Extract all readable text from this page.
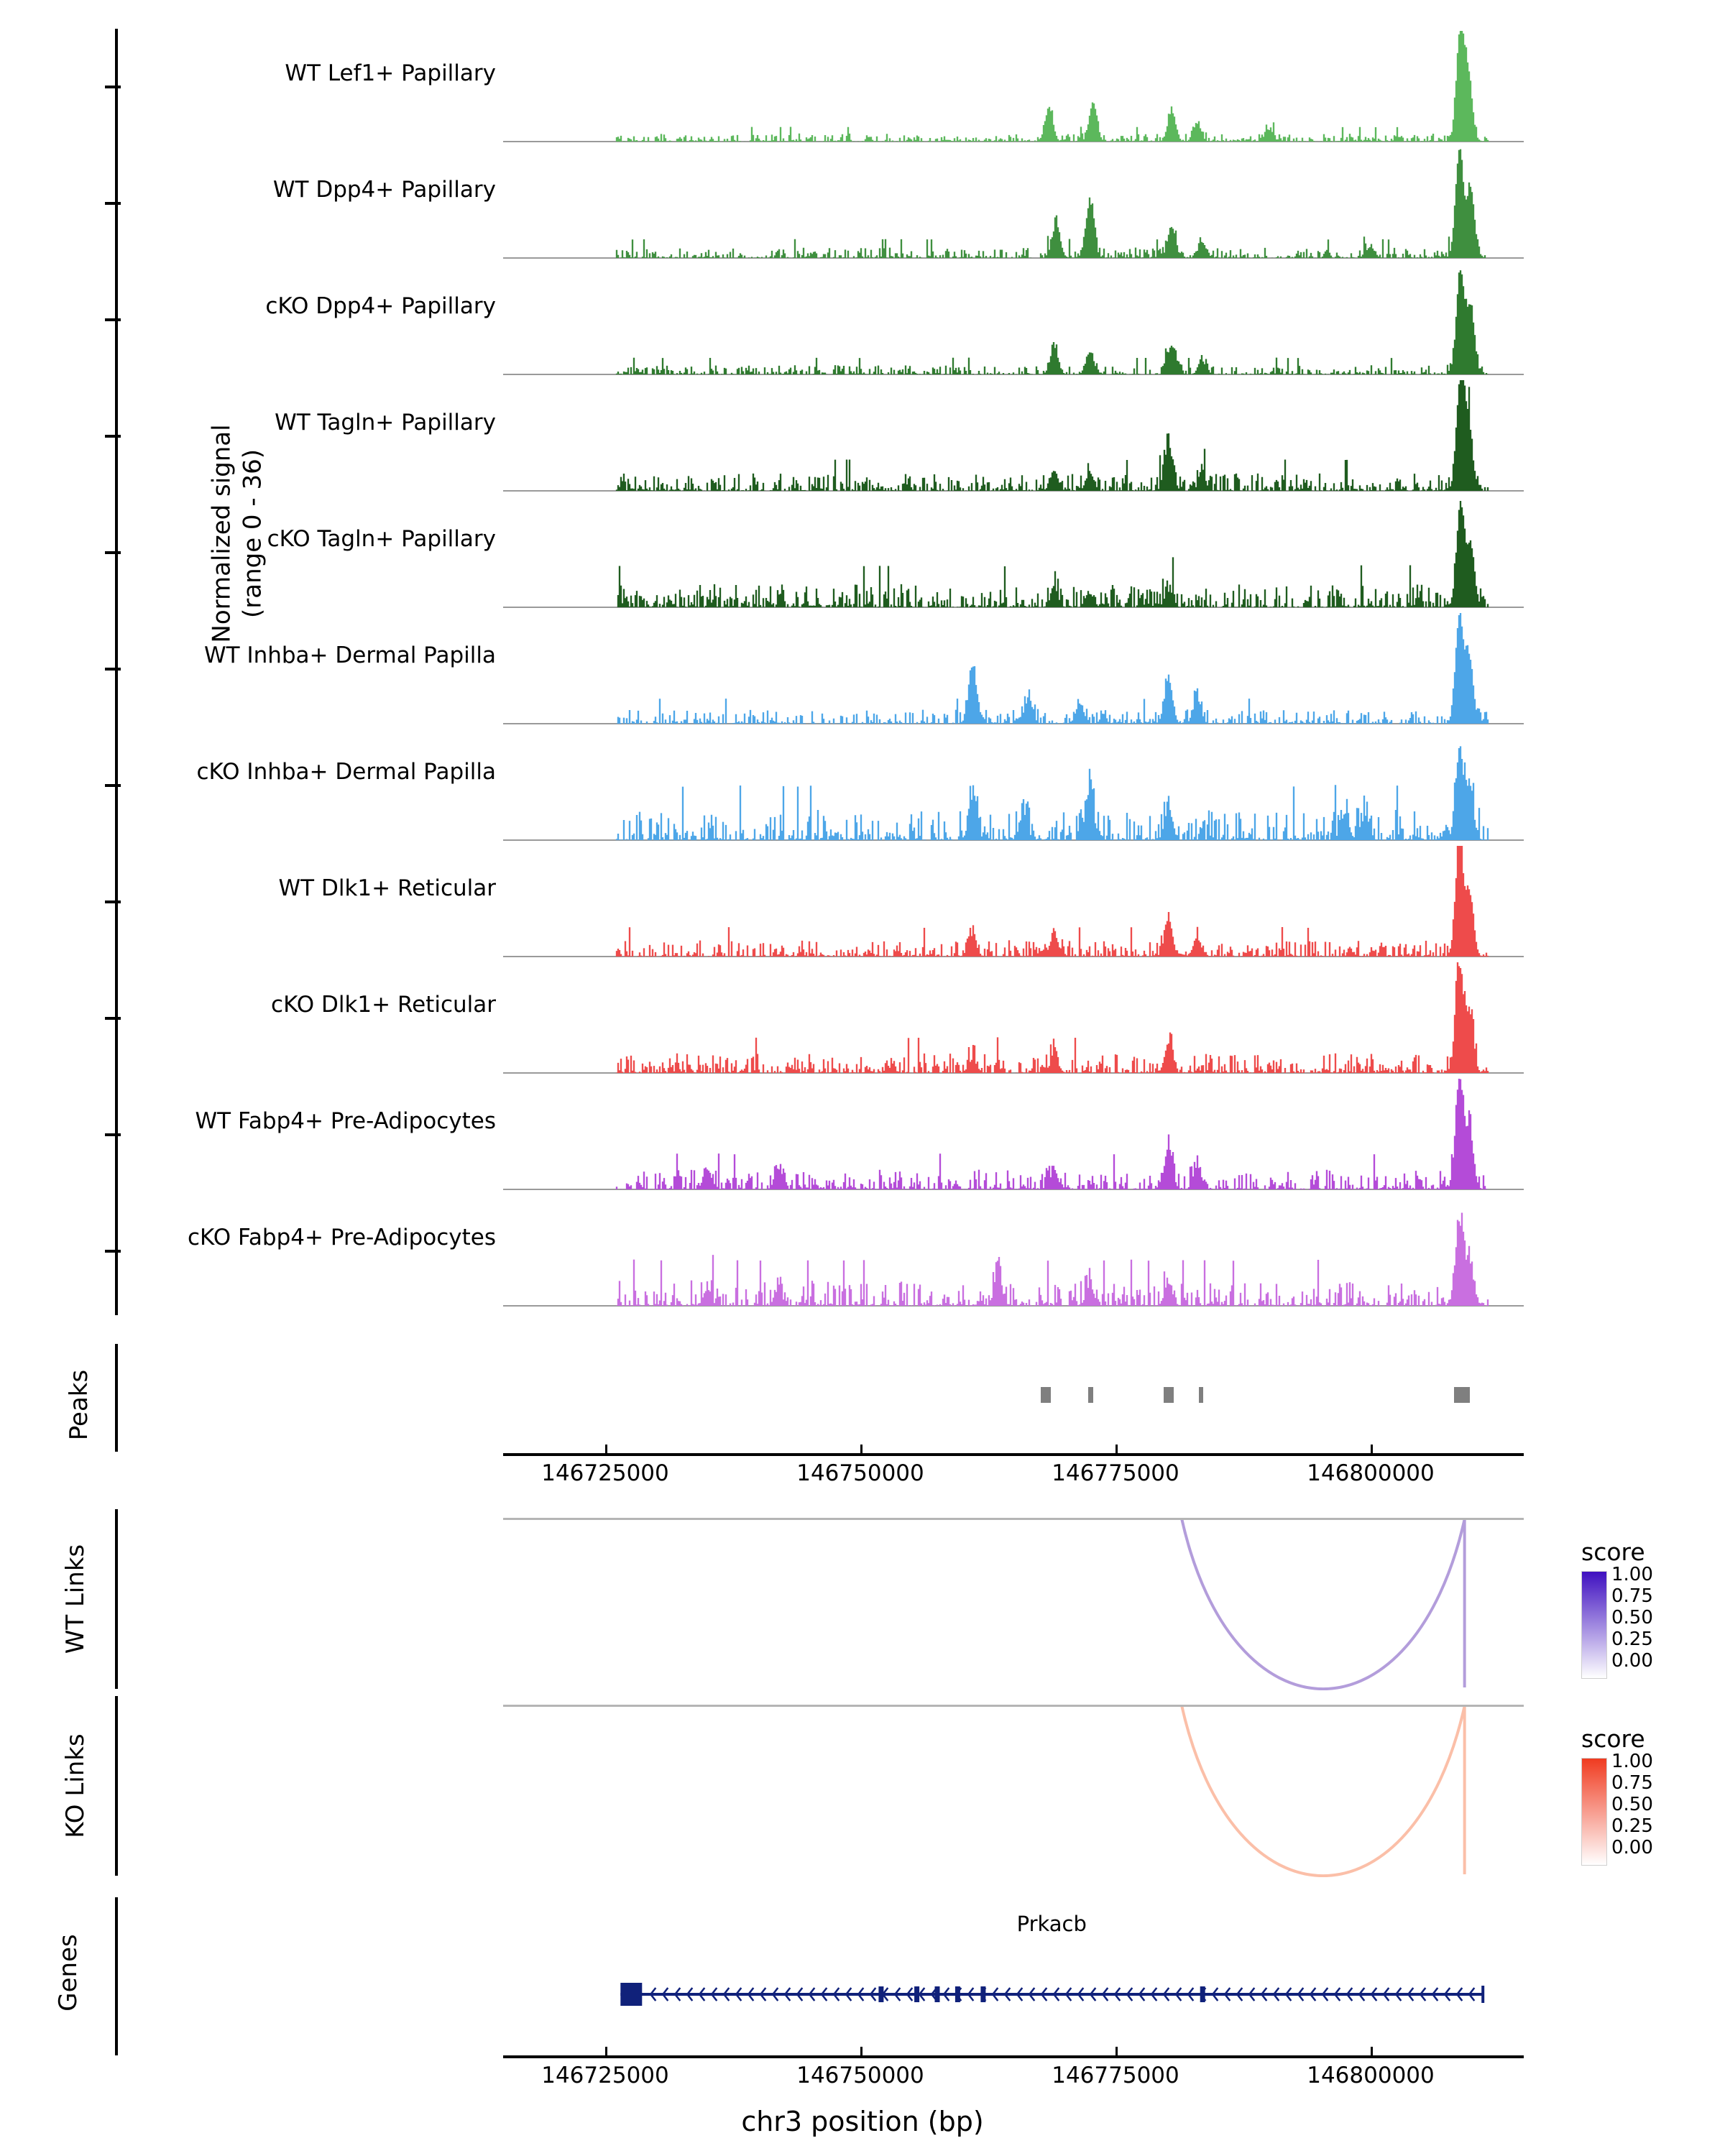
Normalized signal (range 0 - 36)
WT Lef1+ Papillary
WT Dpp4+ Papillary
cKO Dpp4+ Papillary
WT Tagln+ Papillary
cKO Tagln+ Papillary
WT Inhba+ Dermal Papilla
cKO Inhba+ Dermal Papilla
WT Dlk1+ Reticular
cKO Dlk1+ Reticular
WT Fabp4+ Pre-Adipocytes
cKO Fabp4+ Pre-Adipocytes
Peaks
146725000	146750000	146775000	146800000
WT Links	score
1.00
0.75
0.50
0.25
0.00
KO Links	score
1.00
0.75
0.50
0.25
0.00
Genes
Prkacb
146725000	146750000	146775000	146800000
chr3 position (bp)
